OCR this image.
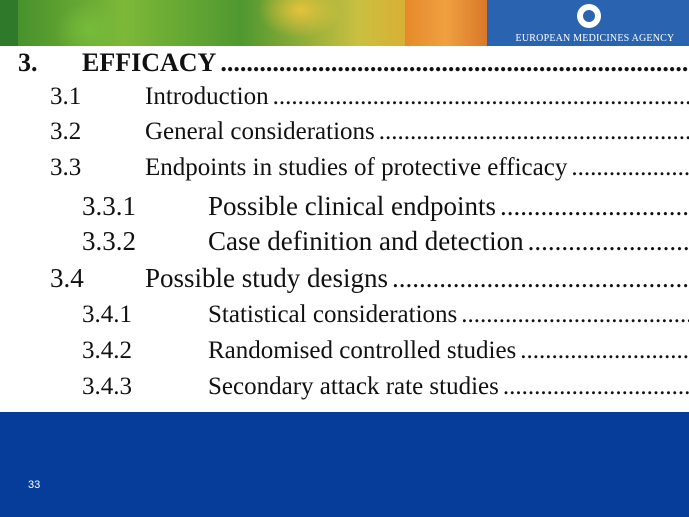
EUROPEAN MEDICINES AGENCY
3.	EFFICACY
.....
3.1	Introduction
.....
3.2	General considerations
.....
3.3	Endpoints in studies of protective efficacy
.....
3.3.1	Possible clinical endpoints
.....
3.3.2	Case definition and detection
.....
3.4	Possible study designs
.....
3.4.1	Statistical considerations
.....
3.4.2	Randomised controlled studies
.....
3.4.3	Secondary attack rate studies
.....
33
